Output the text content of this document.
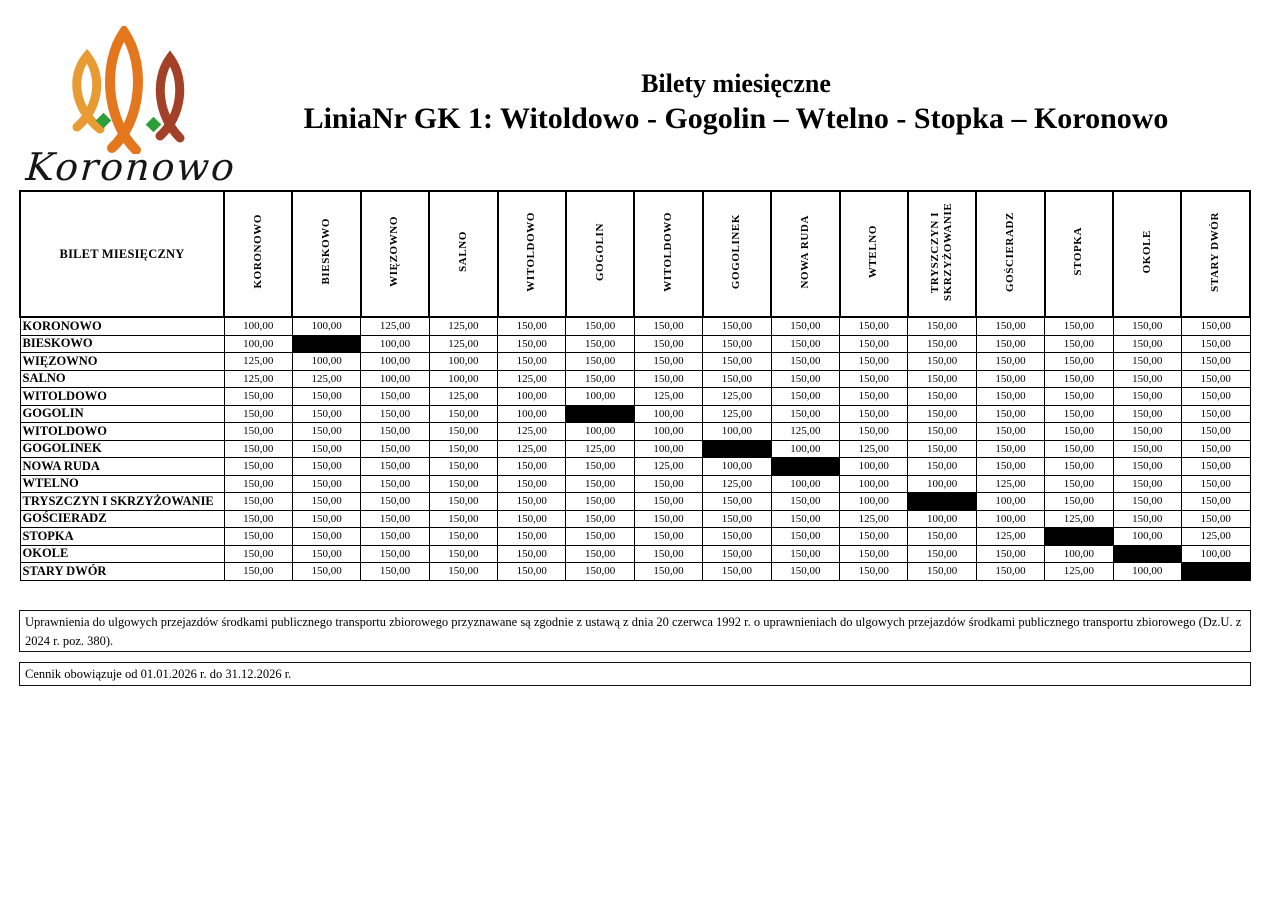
Koronowo
Bilety miesięczne
LiniaNr GK 1: Witoldowo - Gogolin – Wtelno - Stopka – Koronowo
BILET MIESIĘCZNY	KORONOWO	BIESKOWO	WIĘZOWNO	SALNO	WITOLDOWO	GOGOLIN	WITOLDOWO	GOGOLINEK	NOWA RUDA	WTELNO	TRYSZCZYN I SKRZYŻOWANIE	GOŚCIERADZ	STOPKA	OKOLE	STARY DWÓR
KORONOWO	100,00	100,00	125,00	125,00	150,00	150,00	150,00	150,00	150,00	150,00	150,00	150,00	150,00	150,00	150,00
BIESKOWO	100,00		100,00	125,00	150,00	150,00	150,00	150,00	150,00	150,00	150,00	150,00	150,00	150,00	150,00
WIĘZOWNO	125,00	100,00	100,00	100,00	150,00	150,00	150,00	150,00	150,00	150,00	150,00	150,00	150,00	150,00	150,00
SALNO	125,00	125,00	100,00	100,00	125,00	150,00	150,00	150,00	150,00	150,00	150,00	150,00	150,00	150,00	150,00
WITOLDOWO	150,00	150,00	150,00	125,00	100,00	100,00	125,00	125,00	150,00	150,00	150,00	150,00	150,00	150,00	150,00
GOGOLIN	150,00	150,00	150,00	150,00	100,00		100,00	125,00	150,00	150,00	150,00	150,00	150,00	150,00	150,00
WITOLDOWO	150,00	150,00	150,00	150,00	125,00	100,00	100,00	100,00	125,00	150,00	150,00	150,00	150,00	150,00	150,00
GOGOLINEK	150,00	150,00	150,00	150,00	125,00	125,00	100,00		100,00	125,00	150,00	150,00	150,00	150,00	150,00
NOWA RUDA	150,00	150,00	150,00	150,00	150,00	150,00	125,00	100,00		100,00	150,00	150,00	150,00	150,00	150,00
WTELNO	150,00	150,00	150,00	150,00	150,00	150,00	150,00	125,00	100,00	100,00	100,00	125,00	150,00	150,00	150,00
TRYSZCZYN I SKRZYŻOWANIE	150,00	150,00	150,00	150,00	150,00	150,00	150,00	150,00	150,00	100,00		100,00	150,00	150,00	150,00
GOŚCIERADZ	150,00	150,00	150,00	150,00	150,00	150,00	150,00	150,00	150,00	125,00	100,00	100,00	125,00	150,00	150,00
STOPKA	150,00	150,00	150,00	150,00	150,00	150,00	150,00	150,00	150,00	150,00	150,00	125,00		100,00	125,00
OKOLE	150,00	150,00	150,00	150,00	150,00	150,00	150,00	150,00	150,00	150,00	150,00	150,00	100,00		100,00
STARY DWÓR	150,00	150,00	150,00	150,00	150,00	150,00	150,00	150,00	150,00	150,00	150,00	150,00	125,00	100,00	
Uprawnienia do ulgowych przejazdów środkami publicznego transportu zbiorowego przyznawane są zgodnie z ustawą z dnia 20 czerwca 1992 r. o uprawnieniach do ulgowych przejazdów środkami publicznego transportu zbiorowego (Dz.U. z 2024 r. poz. 380).
Cennik obowiązuje od 01.01.2026 r. do 31.12.2026 r.
